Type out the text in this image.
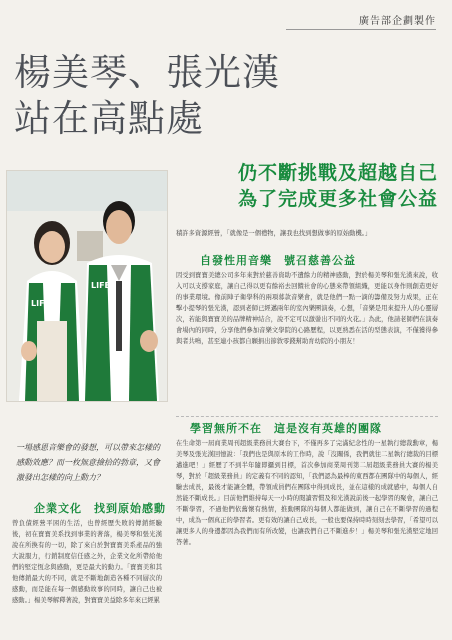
廣告部企劃製作
楊美琴、張光漢
站在高點處
仍不斷挑戰及超越自己
為了完成更多社會公益
LIFE
LIFE
積許多資源經營，「就像是一個禮物，讓我也找到想做事的原始動機。」
自發性用音樂　號召慈善公益
因受到寶寶美總公司多年來對於慈善資助不遺餘力的精神感動，對於楊美琴和張光漢來說，收入可以支撐家庭，讓自己得以更有餘裕去回饋社會的心態來帶領組織，更能以身作則創造更好的事業環境。像前陣子衛學科的兩項募款音樂會，就是他們一點一滴的籌備及努力成果，正在擊小提琴的張光漢，認到老師已經邁兩年的室內樂團演奏，心想，「音樂是用來提升人的心靈層次，若能與寶寶美的品牌精神結合，說不定可以激盪出不同的火花。」為此，他請老師們在演奏會場內的同時，分享他們參加音樂文學院的心路歷程，以更熟悉在活的型態表演，不僅獲得參與者共鳴，甚至連小孩都自願捐出節敘零錢幫助育幼院的小朋友！
學習無所不在　這是沒有英雄的團隊
在生命第一屆商業周刊超級業務員大賽台下，不僅再多了完滿紀念性的一星執行總裁勳章，楊美琴及張光漢回憶說：「我們也是與原本的工作時，說「沒關係，我們就往二星執行總裁的目標邁進吧！」經歷了不到半年隨即攝到目標，首次參加商業周刊第二屆超級業務員大賽的楊美琴，對於「超級業務員」的定義有不同的認知，「我們認為最棒的東西都在團隊中的每個人，經驗去成長，最後才能讓全體，帶領成員們在團隊中得到成長，並在這樣的成就感中，每個人自然能不斷成長。」目前他們維持每天一小時的閱讀習慣及和光漢說前後一起學習的聚會，讓自己不斷學習，不過他們依舊懷有熱情，推動團隊的每個人都能做到，讓自己在不斷學習的過程中，成為一個真正的學習者。更有效的讓自己成長，一般也要保持時時刻刻去學習，「希望可以讓更多人的身邊都因為我們而有所改變，也讓我們自己不斷進步！」楊美琴和張光漢堅定地回答著。
一場感恩音樂會的發想，可以帶來怎樣的感動效應？而一枚無意撿拾的勃章，又會激發出怎樣的向上動力？
企業文化　找到原始感動
曾負債經營平困的生活，也曾經歷失敗的傳銷經驗後，初在寶寶美系找到事業的著落，楊美琴和張光漢說在所換有的一切，除了來自於對寶寶美系產品的強大說服力，行銷制度信任感之外，企業文化所帶給他們的堅定恆念與感動，更是最大的動力。「寶寶美和其他傳銷最大的不同，就是不斷地創造各種不同層次的感動，而是能在每一個感動故事的同時，讓自己也被感動。」楊美琴解釋著說，對寶寶美益除多年來已經累
